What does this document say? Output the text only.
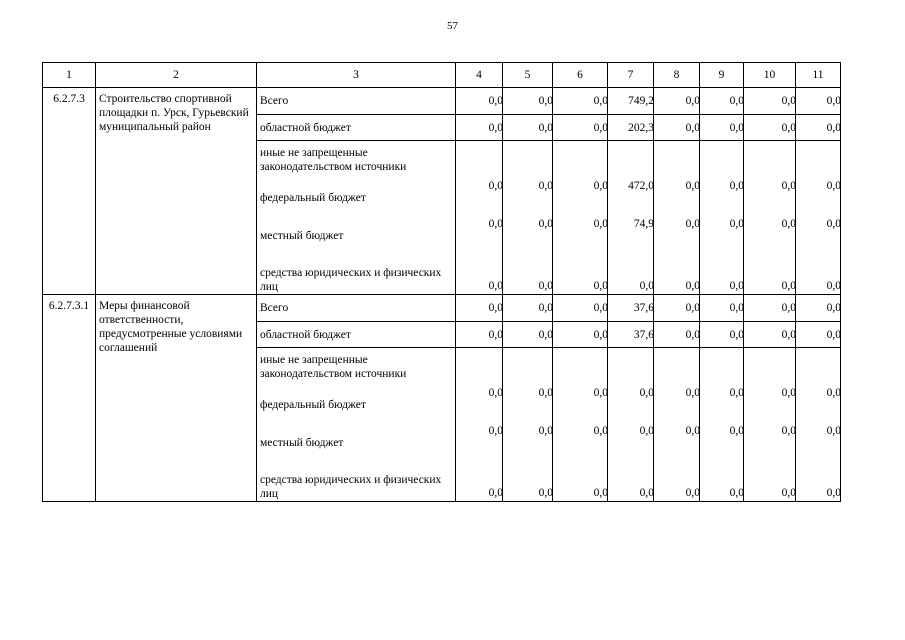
57
1	2	3	4	5	6	7	8	9	10	11
6.2.7.3	Строительство спортивной площадки п. Урск, Гурьевский муниципальный район	Всего	0,0	0,0	0,0	749,2	0,0	0,0	0,0	0,0
		областной бюджет	0,0	0,0	0,0	202,3	0,0	0,0	0,0	0,0
		иные не запрещенные законодательством источники								
		федеральный бюджет	0,0	0,0	0,0	472,0	0,0	0,0	0,0	0,0
		местный бюджет	0,0	0,0	0,0	74,9	0,0	0,0	0,0	0,0
		средства юридических и физических лиц	0,0	0,0	0,0	0,0	0,0	0,0	0,0	0,0
6.2.7.3.1	Меры финансовой ответственности, предусмотренные условиями соглашений	Всего	0,0	0,0	0,0	37,6	0,0	0,0	0,0	0,0
		областной бюджет	0,0	0,0	0,0	37,6	0,0	0,0	0,0	0,0
		иные не запрещенные законодательством источники								
		федеральный бюджет	0,0	0,0	0,0	0,0	0,0	0,0	0,0	0,0
		местный бюджет	0,0	0,0	0,0	0,0	0,0	0,0	0,0	0,0
		средства юридических и физических лиц	0,0	0,0	0,0	0,0	0,0	0,0	0,0	0,0
